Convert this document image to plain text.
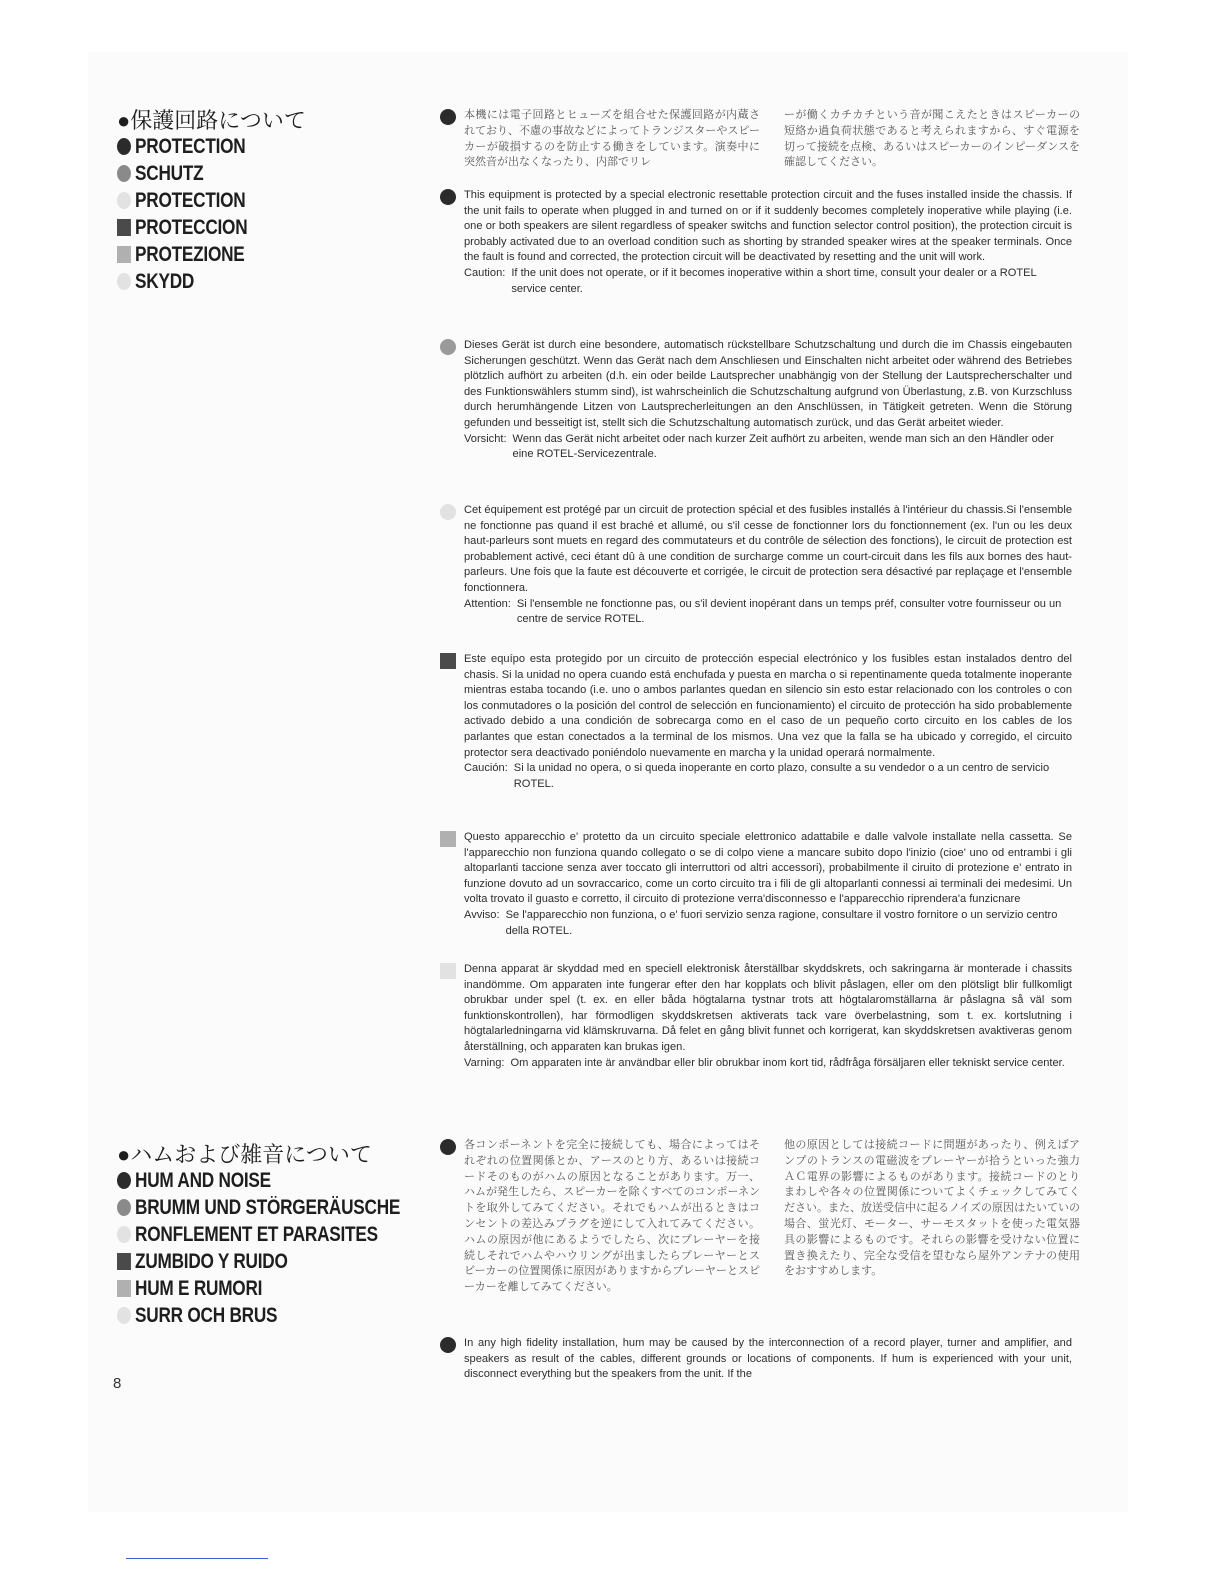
●保護回路について
PROTECTION
SCHUTZ
PROTECTION
PROTECCION
PROTEZIONE
SKYDD
本機には電子回路とヒューズを組合せた保護回路が内蔵されており、不慮の事故などによってトランジスターやスピーカーが破損するのを防止する働きをしています。演奏中に突然音が出なくなったり、内部でリレ
ーが働くカチカチという音が聞こえたときはスピーカーの短絡か過負荷状態であると考えられますから、すぐ電源を切って接続を点検、あるいはスピーカーのインピーダンスを確認してください。
This equipment is protected by a special electronic resettable protection circuit and the fuses installed inside the chassis. If the unit fails to operate when plugged in and turned on or if it suddenly becomes completely inoperative while playing (i.e. one or both speakers are silent regardless of speaker switchs and function selector control position), the protection circuit is probably activated due to an overload condition such as shorting by stranded speaker wires at the speaker terminals. Once the fault is found and corrected, the protection circuit will be deactivated by resetting and the unit will work.
Caution: If the unit does not operate, or if it becomes inoperative within a short time, consult your dealer or a ROTEL service center.
Dieses Gerät ist durch eine besondere, automatisch rückstellbare Schutzschaltung und durch die im Chassis eingebauten Sicherungen geschützt. Wenn das Gerät nach dem Anschliesen und Einschalten nicht arbeitet oder während des Betriebes plötzlich aufhört zu arbeiten (d.h. ein oder beilde Lautsprecher unabhängig von der Stellung der Lautsprecherschalter und des Funktionswählers stumm sind), ist wahrscheinlich die Schutzschaltung aufgrund von Überlastung, z.B. von Kurzschluss durch herumhängende Litzen von Lautsprecherleitungen an den Anschlüssen, in Tätigkeit getreten. Wenn die Störung gefunden und besseitigt ist, stellt sich die Schutzschaltung automatisch zurück, und das Gerät arbeitet wieder.
Vorsicht: Wenn das Gerät nicht arbeitet oder nach kurzer Zeit aufhört zu arbeiten, wende man sich an den Händler oder eine ROTEL-Servicezentrale.
Cet équipement est protégé par un circuit de protection spécial et des fusibles installés à l'intérieur du chassis.Si l'ensemble ne fonctionne pas quand il est braché et allumé, ou s'il cesse de fonctionner lors du fonctionnement (ex. l'un ou les deux haut-parleurs sont muets en regard des commutateurs et du contrôle de sélection des fonctions), le circuit de protection est probablement activé, ceci étant dû à une condition de surcharge comme un court-circuit dans les fils aux bornes des haut-parleurs. Une fois que la faute est découverte et corrigée, le circuit de protection sera désactivé par replaçage et l'ensemble fonctionnera.
Attention: Si l'ensemble ne fonctionne pas, ou s'il devient inopérant dans un temps préf, consulter votre fournisseur ou un centre de service ROTEL.
Este equípo esta protegido por un circuito de protección especial electrónico y los fusibles estan instalados dentro del chasis. Si la unidad no opera cuando está enchufada y puesta en marcha o si repentinamente queda totalmente inoperante mientras estaba tocando (i.e. uno o ambos parlantes quedan en silencio sin esto estar relacionado con los controles o con los conmutadores o la posición del control de selección en funcionamiento) el circuito de protección ha sido probablemente activado debido a una condición de sobrecarga como en el caso de un pequeño corto circuito en los cables de los parlantes que estan conectados a la terminal de los mismos. Una vez que la falla se ha ubicado y corregido, el circuito protector sera deactivado poniéndolo nuevamente en marcha y la unidad operará normalmente.
Caución: Si la unidad no opera, o si queda inoperante en corto plazo, consulte a su vendedor o a un centro de servicio ROTEL.
Questo apparecchio e' protetto da un circuito speciale elettronico adattabile e dalle valvole installate nella cassetta. Se l'apparecchio non funziona quando collegato o se di colpo viene a mancare subito dopo l'inizio (cioe' uno od entrambi i gli altoparlanti taccione senza aver toccato gli interruttori od altri accessori), probabilmente il ciruito di protezione e' entrato in funzione dovuto ad un sovraccarico, come un corto circuito tra i fili de gli altoparlanti connessi ai terminali dei medesimi. Un volta trovato il guasto e corretto, il circuito di protezione verra'disconnesso e l'apparecchio riprendera'a funzicnare
Avviso: Se l'apparecchio non funziona, o e' fuori servizio senza ragione, consultare il vostro fornitore o un servizio centro della ROTEL.
Denna apparat är skyddad med en speciell elektronisk återställbar skyddskrets, och sakringarna är monterade i chassits inandömme. Om apparaten inte fungerar efter den har kopplats och blivit påslagen, eller om den plötsligt blir fullkomligt obrukbar under spel (t. ex. en eller båda högtalarna tystnar trots att högtalaromställarna är påslagna så väl som funktionskontrollen), har förmodligen skyddskretsen aktiverats tack vare överbelastning, som t. ex. kortslutning i högtalarledningarna vid klämskruvarna. Då felet en gång blivit funnet och korrigerat, kan skyddskretsen avaktiveras genom återställning, och apparaten kan brukas igen.
Varning: Om apparaten inte är användbar eller blir obrukbar inom kort tid, rådfråga försäljaren eller tekniskt service center.
●ハムおよび雑音について
HUM AND NOISE
BRUMM UND STÖRGERÄUSCHE
RONFLEMENT ET PARASITES
ZUMBIDO Y RUIDO
HUM E RUMORI
SURR OCH BRUS
各コンポーネントを完全に接続しても、場合によってはそれぞれの位置関係とか、アースのとり方、あるいは接続コードそのものがハムの原因となることがあります。万一、ハムが発生したら、スピーカーを除くすべてのコンポーネントを取外してみてください。それでもハムが出るときはコンセントの差込みプラグを逆にして入れてみてください。ハムの原因が他にあるようでしたら、次にプレーヤーを接続しそれでハムやハウリングが出ましたらプレーヤーとスピーカーの位置関係に原因がありますからプレーヤーとスピーカーを離してみてください。
他の原因としては接続コードに問題があったり、例えばアンプのトランスの電磁波をプレーヤーが拾うといった強力ＡＣ電界の影響によるものがあります。接続コードのとりまわしや各々の位置関係についてよくチェックしてみてください。また、放送受信中に起るノイズの原因はたいていの場合、蛍光灯、モーター、サーモスタットを使った電気器具の影響によるものです。それらの影響を受けない位置に置き換えたり、完全な受信を望むなら屋外アンテナの使用をおすすめします。
In any high fidelity installation, hum may be caused by the interconnection of a record player, turner and amplifier, and speakers as result of the cables, different grounds or locations of components. If hum is experienced with your unit, disconnect everything but the speakers from the unit. If the
8
